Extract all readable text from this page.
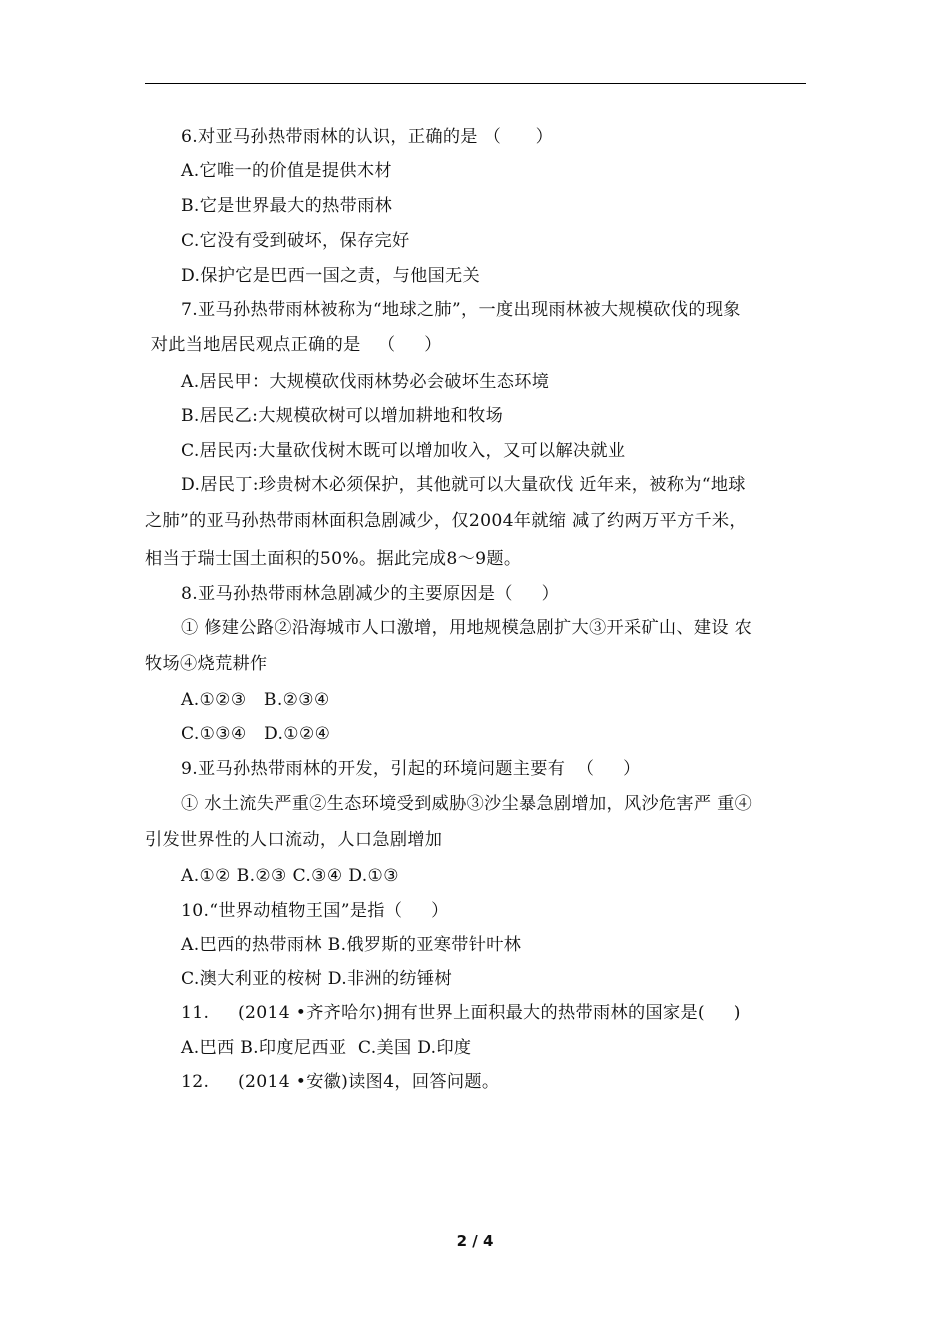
6.对亚马孙热带雨林的认识，正确的是 （      ）
A.它唯一的价值是提供木材
B.它是世界最大的热带雨林
C.它没有受到破坏，保存完好
D.保护它是巴西一国之责，与他国无关
7.亚马孙热带雨林被称为“地球之肺”，一度出现雨林被大规模砍伐的现象
对此当地居民观点正确的是   （     ）
A.居民甲：大规模砍伐雨林势必会破坏生态环境
B.居民乙:大规模砍树可以增加耕地和牧场
C.居民丙:大量砍伐树木既可以增加收入，又可以解决就业
D.居民丁:珍贵树木必须保护，其他就可以大量砍伐 近年来，被称为“地球
之肺”的亚马孙热带雨林面积急剧减少，仅2004年就缩 减了约两万平方千米，
相当于瑞士国土面积的50%。据此完成8〜9题。
8.亚马孙热带雨林急剧减少的主要原因是（     ）
① 修建公路②沿海城市人口激增，用地规模急剧扩大③开采矿山、建设 农
牧场④烧荒耕作
A.①②③   B.②③④
C.①③④   D.①②④
9.亚马孙热带雨林的开发，引起的环境问题主要有  （     ）
① 水土流失严重②生态环境受到威胁③沙尘暴急剧增加，风沙危害严 重④
引发世界性的人口流动，人口急剧增加
A.①② B.②③ C.③④ D.①③
10.“世界动植物王国”是指（     ）
A.巴西的热带雨林 B.俄罗斯的亚寒带针叶林
C.澳大利亚的桉树 D.非洲的纺锤树
11.     (2014 •齐齐哈尔)拥有世界上面积最大的热带雨林的国家是(     )
A.巴西 B.印度尼西亚  C.美国 D.印度
12.     (2014 •安徽)读图4，回答问题。
2 / 4
